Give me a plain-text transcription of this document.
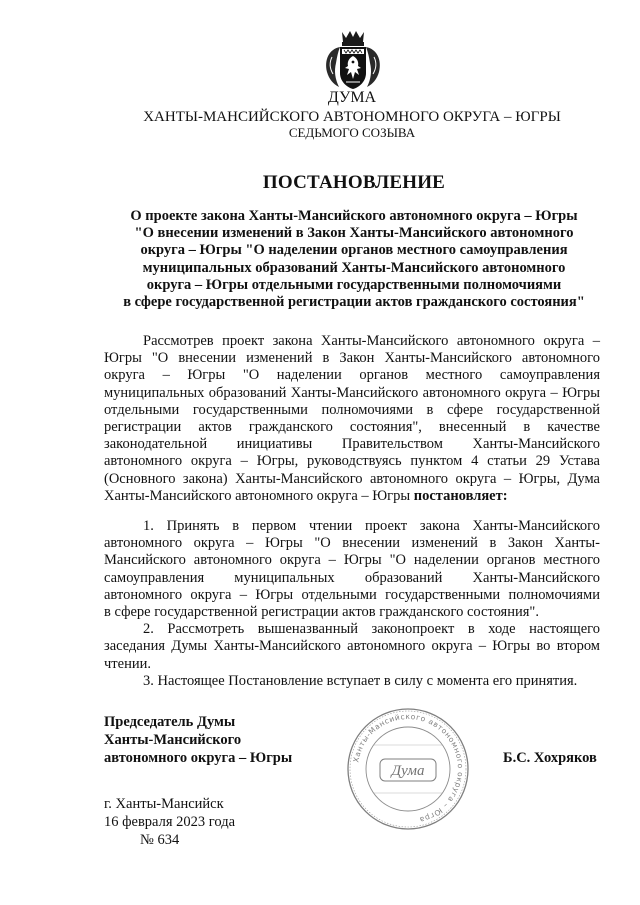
ДУМА
ХАНТЫ-МАНСИЙСКОГО АВТОНОМНОГО ОКРУГА – ЮГРЫ
СЕДЬМОГО СОЗЫВА
ПОСТАНОВЛЕНИЕ
О проекте закона Ханты-Мансийского автономного округа – Югры
"О внесении изменений в Закон Ханты-Мансийского автономного
округа – Югры "О наделении органов местного самоуправления
муниципальных образований Ханты-Мансийского автономного
округа – Югры отдельными государственными полномочиями
в сфере государственной регистрации актов гражданского состояния"
Рассмотрев проект закона Ханты-Мансийского автономного округа –
Югры "О внесении изменений в Закон Ханты-Мансийского автономного
округа – Югры "О наделении органов местного самоуправления
муниципальных образований Ханты-Мансийского автономного округа – Югры
отдельными государственными полномочиями в сфере государственной
регистрации актов гражданского состояния", внесенный в качестве
законодательной инициативы Правительством Ханты-Мансийского
автономного округа – Югры, руководствуясь пунктом 4 статьи 29 Устава
(Основного закона) Ханты-Мансийского автономного округа – Югры, Дума
Ханты-Мансийского автономного округа – Югры постановляет:
1. Принять в первом чтении проект закона Ханты-Мансийского
автономного округа – Югры "О внесении изменений в Закон Ханты-
Мансийского автономного округа – Югры "О наделении органов местного
самоуправления муниципальных образований Ханты-Мансийского
автономного округа – Югры отдельными государственными полномочиями
в сфере государственной регистрации актов гражданского состояния".
2. Рассмотреть вышеназванный законопроект в ходе настоящего
заседания Думы Ханты-Мансийского автономного округа – Югры во втором
чтении.
3. Настоящее Постановление вступает в силу с момента его принятия.
Председатель Думы
Ханты-Мансийского
автономного округа – Югры	Ханты-Мансийского автономного округа – Югра
Дума
Б.С. Хохряков
г. Ханты-Мансийск
16 февраля 2023 года
№ 634
